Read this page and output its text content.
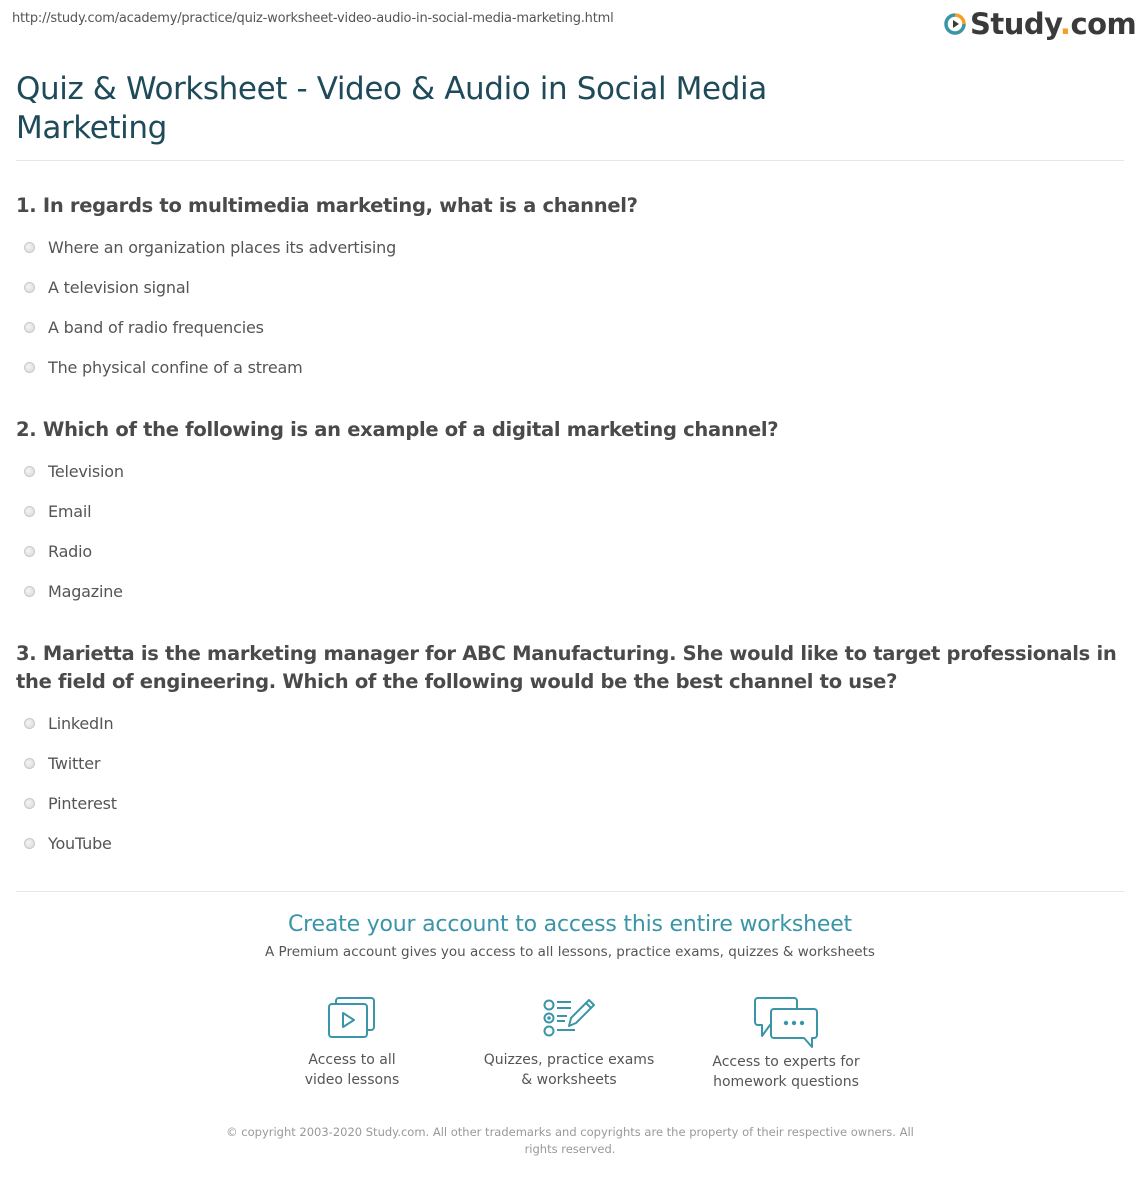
http://study.com/academy/practice/quiz-worksheet-video-audio-in-social-media-marketing.html	Study.com
Quiz & Worksheet - Video & Audio in Social Media Marketing
1. In regards to multimedia marketing, what is a channel?
Where an organization places its advertising
A television signal
A band of radio frequencies
The physical confine of a stream
2. Which of the following is an example of a digital marketing channel?
Television
Email
Radio
Magazine
3. Marietta is the marketing manager for ABC Manufacturing. She would like to target professionals in the field of engineering. Which of the following would be the best channel to use?
LinkedIn
Twitter
Pinterest
YouTube
Create your account to access this entire worksheet
A Premium account gives you access to all lessons, practice exams, quizzes & worksheets
Access to all
video lessons
Quizzes, practice exams
& worksheets
Access to experts for
homework questions
© copyright 2003-2020 Study.com. All other trademarks and copyrights are the property of their respective owners. All rights reserved.
